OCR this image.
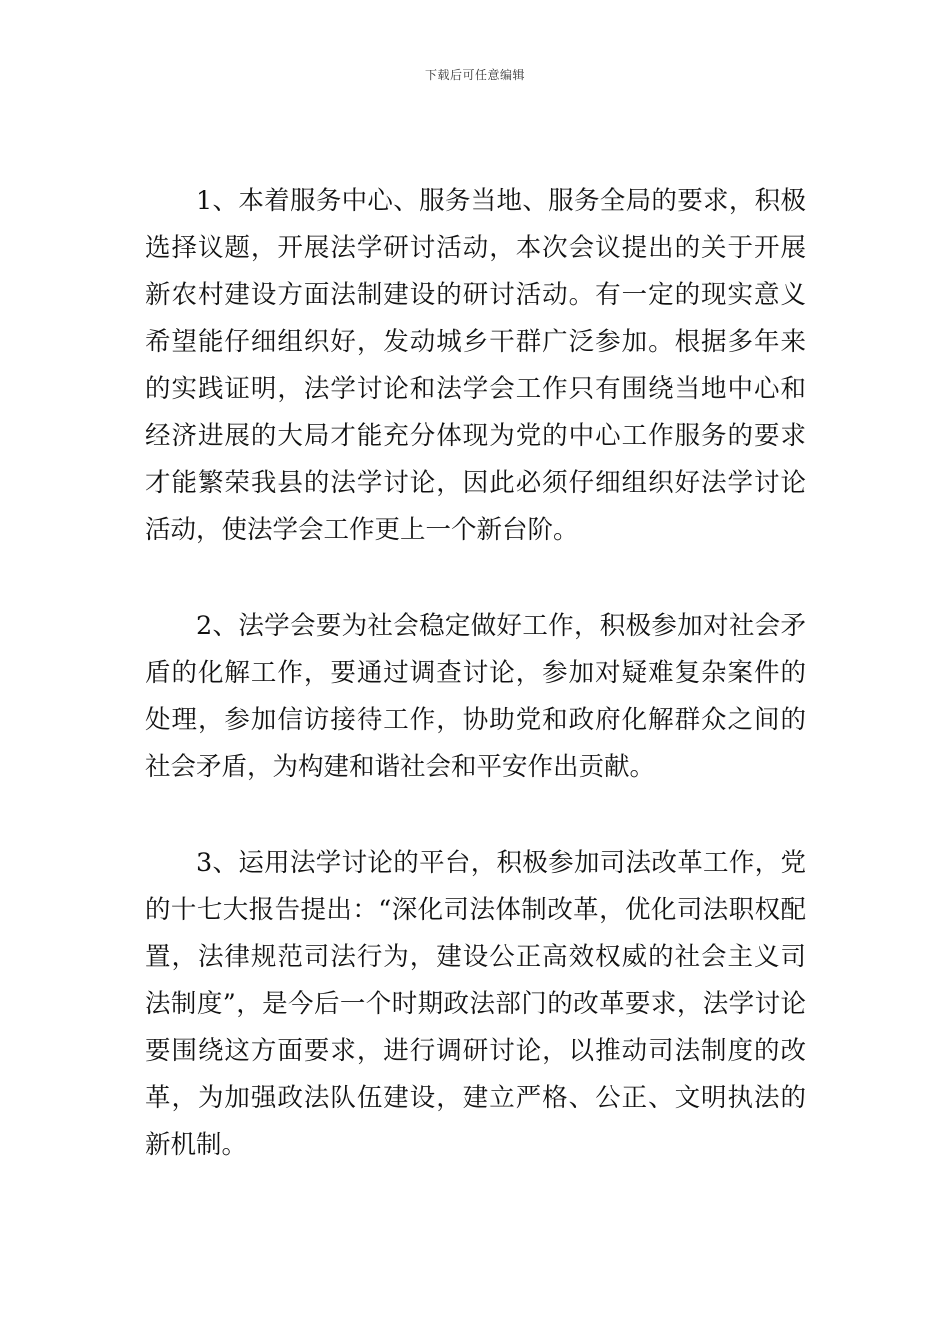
下载后可任意编辑

1、本着服务中心、服务当地、服务全局的要求，积极选择议题，开展法学研讨活动，本次会议提出的关于开展新农村建设方面法制建设的研讨活动。有一定的现实意义希望能仔细组织好，发动城乡干群广泛参加。根据多年来的实践证明，法学讨论和法学会工作只有围绕当地中心和经济进展的大局才能充分体现为党的中心工作服务的要求才能繁荣我县的法学讨论，因此必须仔细组织好法学讨论活动，使法学会工作更上一个新台阶。

2、法学会要为社会稳定做好工作，积极参加对社会矛盾的化解工作，要通过调查讨论，参加对疑难复杂案件的处理，参加信访接待工作，协助党和政府化解群众之间的社会矛盾，为构建和谐社会和平安作出贡献。

3、运用法学讨论的平台，积极参加司法改革工作，党的十七大报告提出：“深化司法体制改革，优化司法职权配置，法律规范司法行为，建设公正高效权威的社会主义司法制度”，是今后一个时期政法部门的改革要求，法学讨论要围绕这方面要求，进行调研讨论，以推动司法制度的改革，为加强政法队伍建设，建立严格、公正、文明执法的新机制。
